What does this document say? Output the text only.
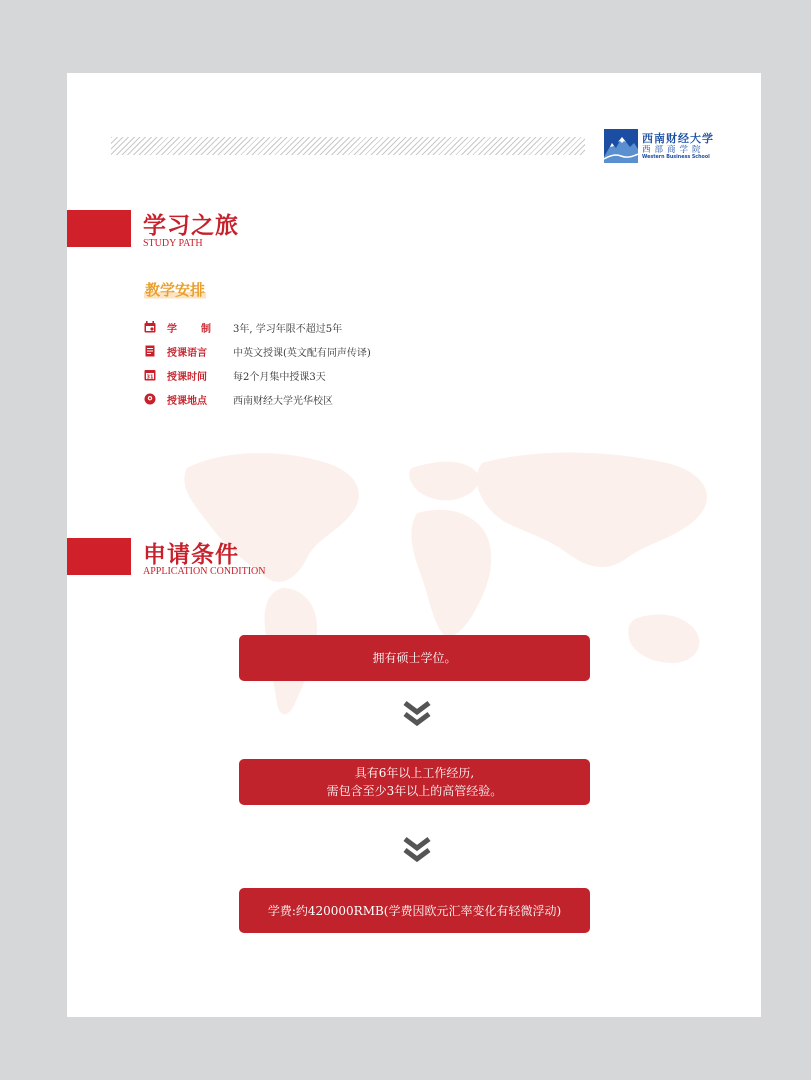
西南财经大学
西部商学院
Western Business School
学习之旅
STUDY PATH
教学安排
学 制 3年, 学习年限不超过5年
授课语言	中英文授课(英文配有同声传译)
31 授课时间	每2个月集中授课3天
授课地点	西南财经大学光华校区
申请条件
APPLICATION CONDITION
拥有硕士学位。
具有6年以上工作经历,
需包含至少3年以上的高管经验。
学费:约420000RMB(学费因欧元汇率变化有轻微浮动)
